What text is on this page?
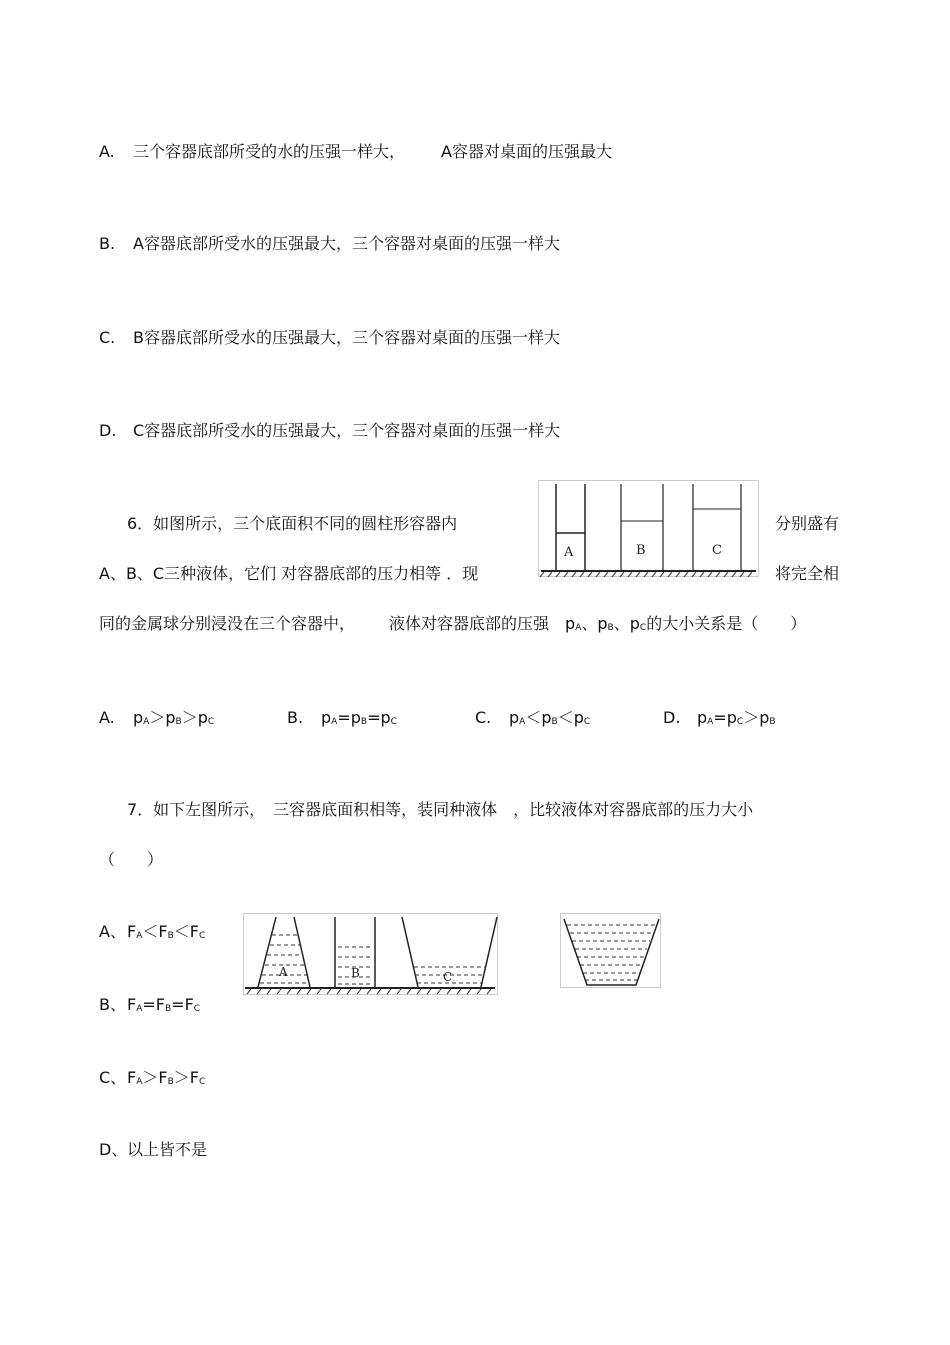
A. 三个容器底部所受的水的压强一样大， A容器对桌面的压强最大
B. A容器底部所受水的压强最大，三个容器对桌面的压强一样大
C. B容器底部所受水的压强最大，三个容器对桌面的压强一样大
D. C容器底部所受水的压强最大，三个容器对桌面的压强一样大
6．如图所示，三个底面积不同的圆柱形容器内	分别盛有
A、B、C三种液体，它们 对容器底部的压力相等 ．现	将完全相
同的金属球分别浸没在三个容器中， 液体对容器底部的压强 pA、pB、pC的大小关系是（　　）
A	B	C
A. pA＞pB＞pC	B. pA=pB=pC	C. pA＜pB＜pC	D. pA=pC＞pB
7．如下左图所示，　三容器底面积相等，装同种液体　，比较液体对容器底部的压力大小
（　　）
A、FA＜FB＜FC
B、FA=FB=FC
C、FA＞FB＞FC
D、以上皆不是
A	B	C
